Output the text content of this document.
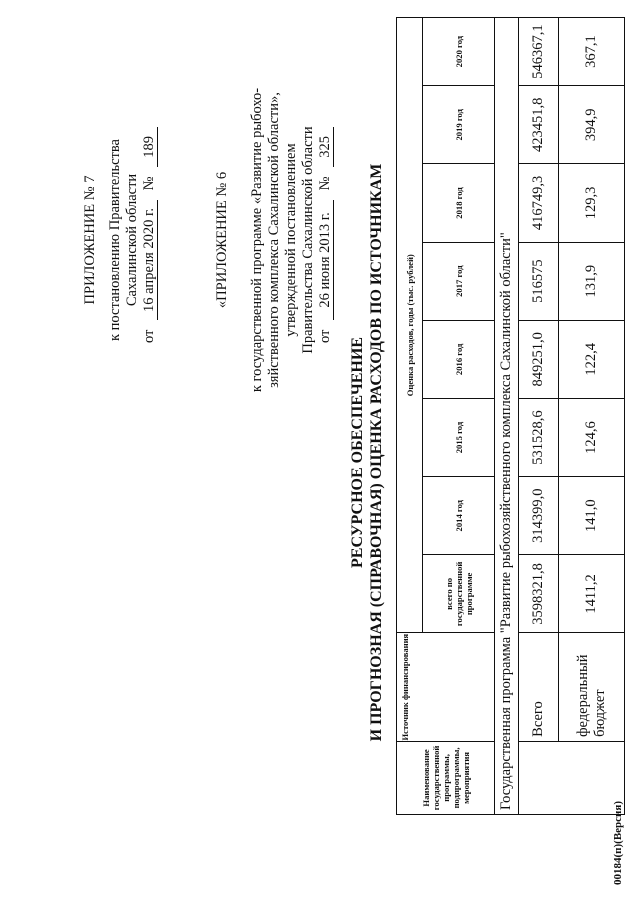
ПРИЛОЖЕНИЕ № 7 к постановлению Правительства Сахалинской области
от 16 апреля 2020 г. № 189
«ПРИЛОЖЕНИЕ № 6 к государственной программе «Развитие рыбохо- зяйственного комплекса Сахалинской области», утвержденной постановлением Правительства Сахалинской области от 26 июня 2013 г. № 325
РЕСУРСНОЕ ОБЕСПЕЧЕНИЕ И ПРОГНОЗНАЯ (СПРАВОЧНАЯ) ОЦЕНКА РАСХОДОВ ПО ИСТОЧНИКАМ
Наименование государственной программы, подпрограммы, мероприятия	Источник финансирования	Оценка расходов, годы (тыс. рублей)							
		всего по государственной программе	2014 год	2015 год	2016 год	2017 год	2018 год	2019 год	2020 год
Государственная программа "Развитие рыбохозяйственного комплекса Сахалинской области"									
	Всего	3598321,8	314399,0	531528,6	849251,0	516575	416749,3	423451,8	546367,1
	федеральный бюджет	1411,2	141,0	124,6	122,4	131,9	129,3	394,9	367,1
00184(п)(Версия)
